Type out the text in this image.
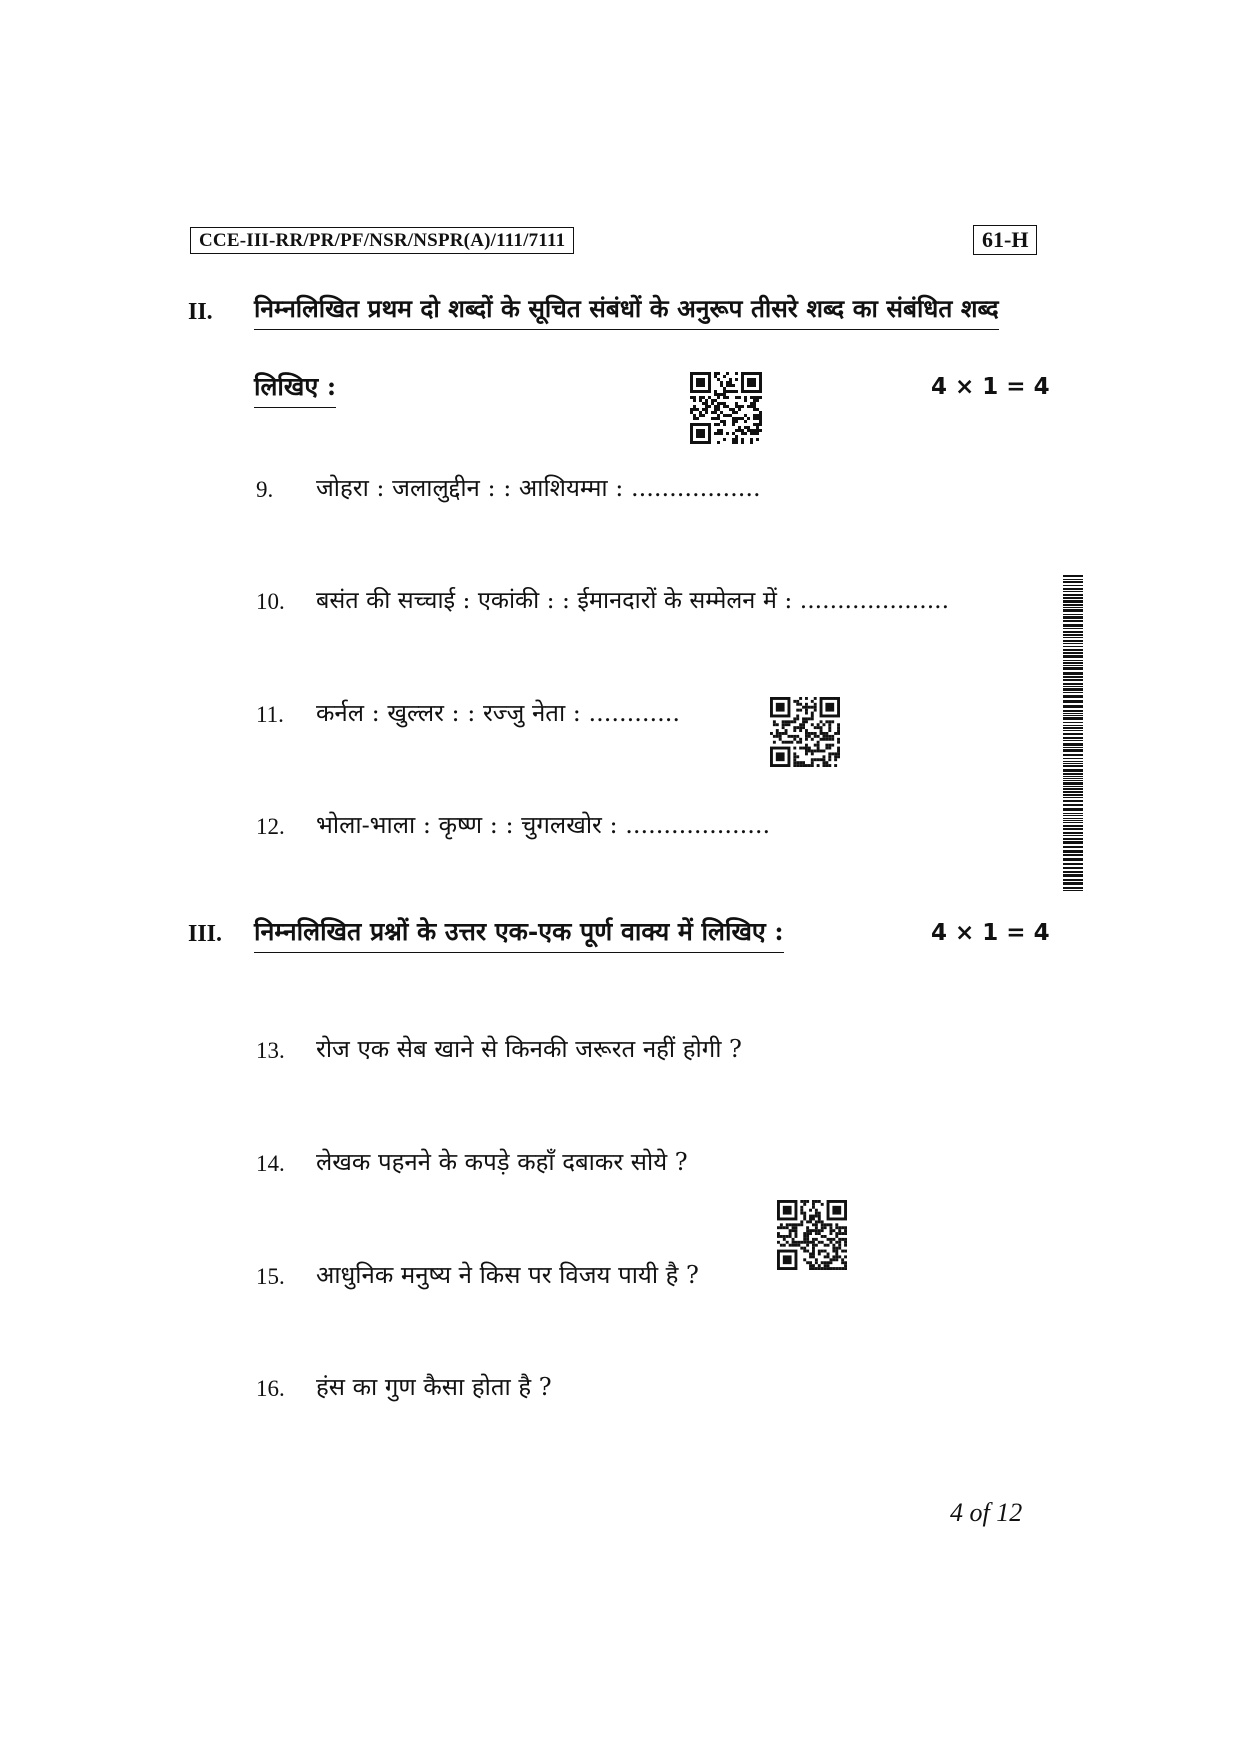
CCE-III-RR/PR/PF/NSR/NSPR(A)/111/7111	61-H
II. निम्नलिखित प्रथम दो शब्दों के सूचित संबंधों के अनुरूप तीसरे शब्द का संबंधित शब्द
लिखिए :	4 × 1 = 4
9. जोहरा : जलालुद्दीन : : आशियम्मा : .................
10. बसंत की सच्चाई : एकांकी : : ईमानदारों के सम्मेलन में : ....................
11. कर्नल : खुल्लर : : रज्जु नेता : ............
12. भोला-भाला : कृष्ण : : चुगलखोर : ...................
III. निम्नलिखित प्रश्नों के उत्तर एक-एक पूर्ण वाक्य में लिखिए :	4 × 1 = 4
13. रोज एक सेब खाने से किनकी जरूरत नहीं होगी ?
14. लेखक पहनने के कपड़े कहाँ दबाकर सोये ?
15. आधुनिक मनुष्य ने किस पर विजय पायी है ?
16. हंस का गुण कैसा होता है ?
4 of 12
